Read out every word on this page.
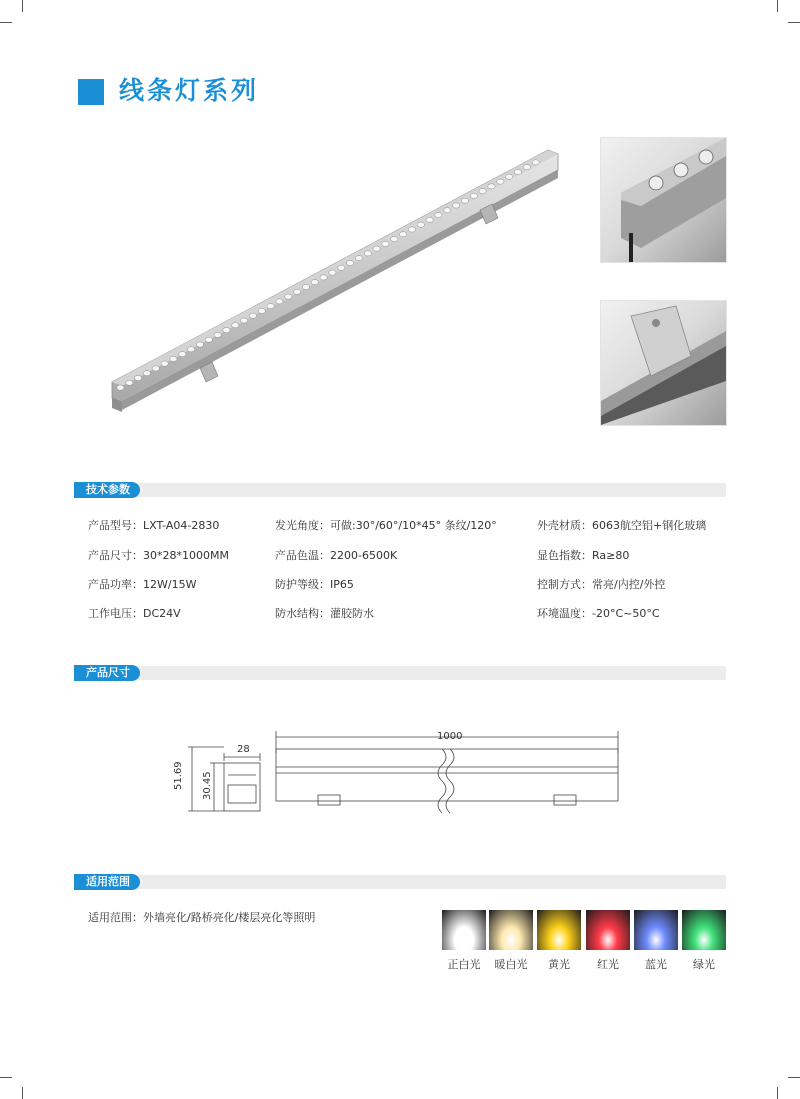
线条灯系列
技术参数
产品型号：LXT-A04-2830
产品尺寸：30*28*1000MM
产品功率：12W/15W
工作电压：DC24V
发光角度：可做:30°/60°/10*45° 条纹/120°
产品色温：2200-6500K
防护等级：IP65
防水结构：灌胶防水
外壳材质：6063航空铝+钢化玻璃
显色指数：Ra≥80
控制方式：常亮/内控/外控
环境温度：-20°C~50°C
产品尺寸
28
51.69 30.45
1000
适用范围
适用范围：外墙亮化/路桥亮化/楼层亮化等照明
正白光	暖白光	黄光	红光	蓝光	绿光
